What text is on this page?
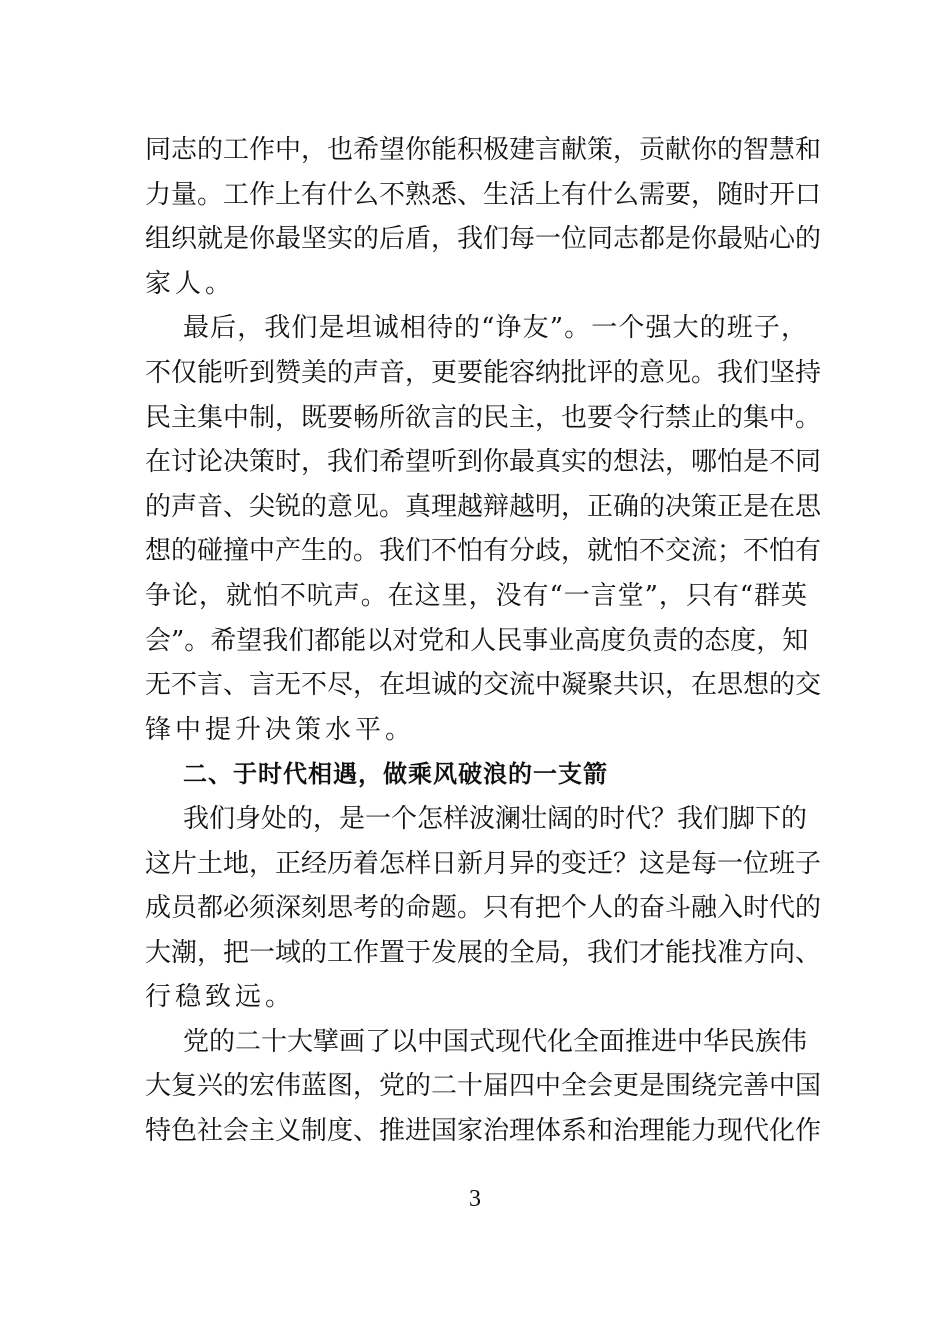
同志的工作中，也希望你能积极建言献策，贡献你的智慧和
力量。工作上有什么不熟悉、生活上有什么需要，随时开口
组织就是你最坚实的后盾，我们每一位同志都是你最贴心的
家人。
最后，我们是坦诚相待的“诤友”。一个强大的班子，
不仅能听到赞美的声音，更要能容纳批评的意见。我们坚持
民主集中制，既要畅所欲言的民主，也要令行禁止的集中。
在讨论决策时，我们希望听到你最真实的想法，哪怕是不同
的声音、尖锐的意见。真理越辩越明，正确的决策正是在思
想的碰撞中产生的。我们不怕有分歧，就怕不交流；不怕有
争论，就怕不吭声。在这里，没有“一言堂”，只有“群英
会”。希望我们都能以对党和人民事业高度负责的态度，知
无不言、言无不尽，在坦诚的交流中凝聚共识，在思想的交
锋中提升决策水平。
二、于时代相遇，做乘风破浪的一支箭
我们身处的，是一个怎样波澜壮阔的时代？我们脚下的
这片土地，正经历着怎样日新月异的变迁？这是每一位班子
成员都必须深刻思考的命题。只有把个人的奋斗融入时代的
大潮，把一域的工作置于发展的全局，我们才能找准方向、
行稳致远。
党的二十大擘画了以中国式现代化全面推进中华民族伟
大复兴的宏伟蓝图，党的二十届四中全会更是围绕完善中国
特色社会主义制度、推进国家治理体系和治理能力现代化作
3
